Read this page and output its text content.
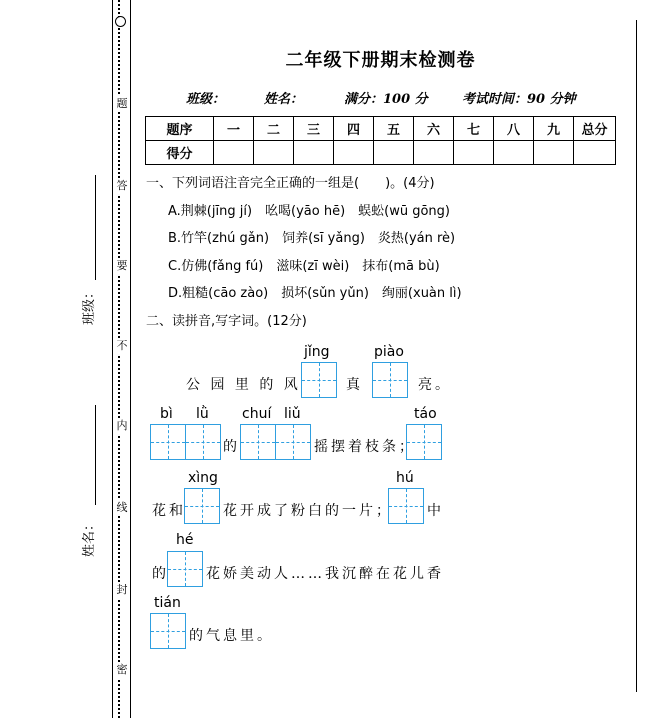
题
答
要
不
内
线
封
密
班级：
姓名：
二年级下册期末检测卷
班级：	姓名：	满分：100 分	考试时间：90 分钟
题序	一	二	三	四	五	六	七	八	九	总分
得分										
一、下列词语注音完全正确的一组是(　　)。(4分)
A.荆棘(jīng jí)　吆喝(yāo hē)　蜈蚣(wū gōng)
B.竹竿(zhú gǎn)　饲养(sī yǎng)　炎热(yán rè)
C.仿佛(fǎng fú)　滋味(zī wèi)　抹布(mā bù)
D.粗糙(cāo zào)　损坏(sǔn yǔn)　绚丽(xuàn lì)
二、读拼音,写字词。(12分)
jǐng	piào
公 园 里 的 风	真	亮。
bì lǜ chuí liǔ	táo
的	摇摆着枝条；
xìng	hú
花和	花开成了粉白的一片； 中
hé
的	花娇美动人……我沉醉在花儿香
tián
的气息里。
